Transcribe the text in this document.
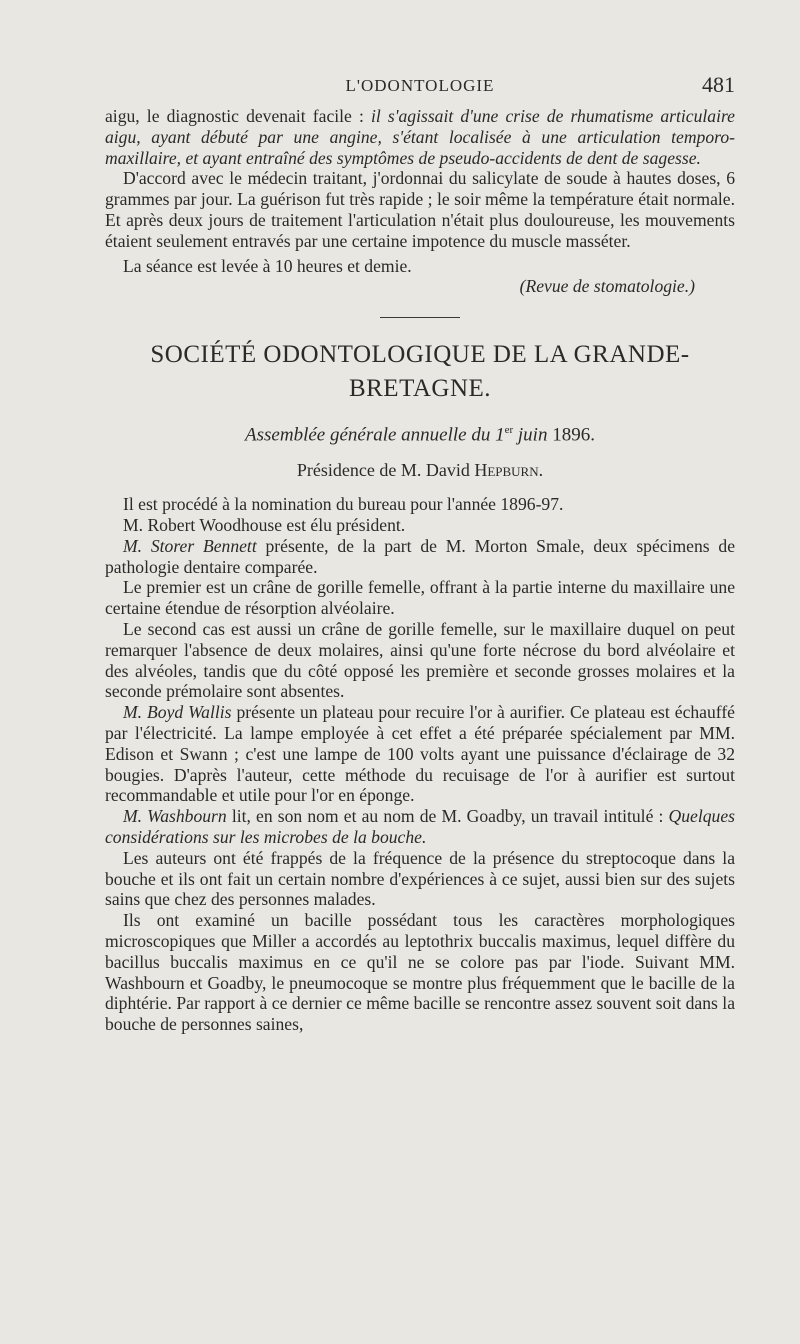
L'ODONTOLOGIE	481

aigu, le diagnostic devenait facile : il s'agissait d'une crise de rhumatisme articulaire aigu, ayant débuté par une angine, s'étant localisée à une articulation temporo-maxillaire, et ayant entraîné des symptômes de pseudo-accidents de dent de sagesse.

D'accord avec le médecin traitant, j'ordonnai du salicylate de soude à hautes doses, 6 grammes par jour. La guérison fut très rapide ; le soir même la température était normale. Et après deux jours de traitement l'articulation n'était plus douloureuse, les mouvements étaient seulement entravés par une certaine impotence du muscle masséter.

La séance est levée à 10 heures et demie.

(Revue de stomatologie.)

SOCIÉTÉ ODONTOLOGIQUE DE LA GRANDE-BRETAGNE.
Assemblée générale annuelle du 1er juin 1896.
Présidence de M. David Hepburn.

Il est procédé à la nomination du bureau pour l'année 1896-97.

M. Robert Woodhouse est élu président.

M. Storer Bennett présente, de la part de M. Morton Smale, deux spécimens de pathologie dentaire comparée.

Le premier est un crâne de gorille femelle, offrant à la partie interne du maxillaire une certaine étendue de résorption alvéolaire.

Le second cas est aussi un crâne de gorille femelle, sur le maxillaire duquel on peut remarquer l'absence de deux molaires, ainsi qu'une forte nécrose du bord alvéolaire et des alvéoles, tandis que du côté opposé les première et seconde grosses molaires et la seconde prémolaire sont absentes.

M. Boyd Wallis présente un plateau pour recuire l'or à aurifier. Ce plateau est échauffé par l'électricité. La lampe employée à cet effet a été préparée spécialement par MM. Edison et Swann ; c'est une lampe de 100 volts ayant une puissance d'éclairage de 32 bougies. D'après l'auteur, cette méthode du recuisage de l'or à aurifier est surtout recommandable et utile pour l'or en éponge.

M. Washbourn lit, en son nom et au nom de M. Goadby, un travail intitulé : Quelques considérations sur les microbes de la bouche.

Les auteurs ont été frappés de la fréquence de la présence du streptocoque dans la bouche et ils ont fait un certain nombre d'expériences à ce sujet, aussi bien sur des sujets sains que chez des personnes malades.

Ils ont examiné un bacille possédant tous les caractères morphologiques microscopiques que Miller a accordés au leptothrix buccalis maximus, lequel diffère du bacillus buccalis maximus en ce qu'il ne se colore pas par l'iode. Suivant MM. Washbourn et Goadby, le pneumocoque se montre plus fréquemment que le bacille de la diphtérie. Par rapport à ce dernier ce même bacille se rencontre assez souvent soit dans la bouche de personnes saines,
